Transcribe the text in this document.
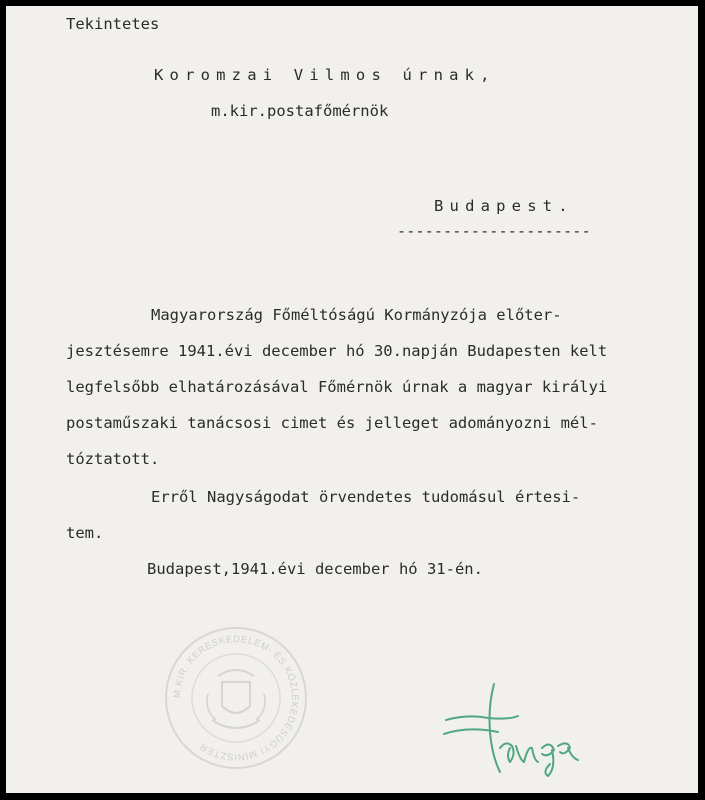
Tekintetes
Koromzai Vilmos úrnak,
m.kir.postafőmérnök
Budapest.
---------------------
Magyarország Főméltóságú Kormányzója előter-
jesztésemre 1941.évi december hó 30.napján Budapesten kelt
legfelsőbb elhatározásával Főmérnök úrnak a magyar királyi
postaműszaki tanácsosi cimet és jelleget adományozni mél-
tóztatott.
Erről Nagyságodat örvendetes tudomásul értesi-
tem.
Budapest,1941.évi december hó 31-én.
M.KIR. KERESKEDELEM- ÉS KÖZLEKEDÉSÜGYI MINISZTER
